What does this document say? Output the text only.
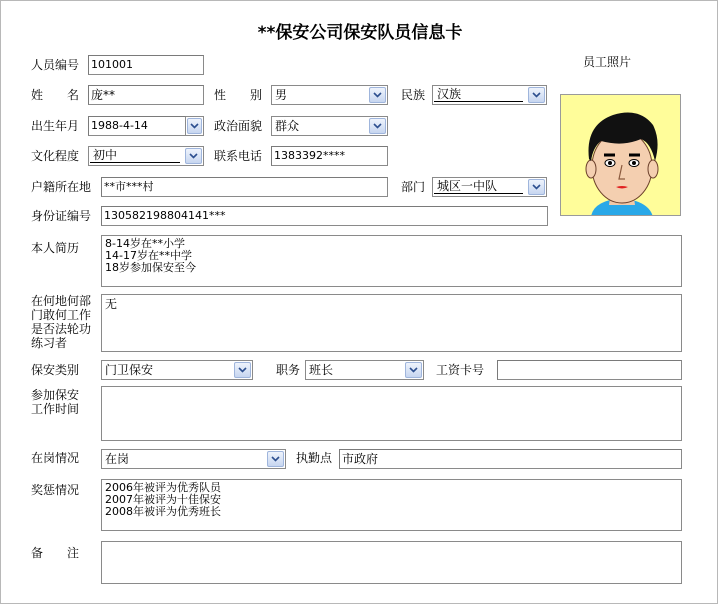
**保安公司保安队员信息卡
员工照片
人员编号 101001
姓　　名 庞**	性　　别 男	民族 汉族
出生年月 1988-4-14	政治面貌 群众
文化程度 初中	联系电话 1383392****
户籍所在地 **市***村	部门 城区一中队
身份证编号 130582198804141***
本人简历 8-14岁在**小学
14-17岁在**中学
18岁参加保安至今
在何地何部
门敢何工作
是否法轮功
练习者
无
保安类别 门卫保安	职务 班长	工资卡号
参加保安
工作时间
在岗情况 在岗	执勤点 市政府
奖惩情况 2006年被评为优秀队员
2007年被评为十佳保安
2008年被评为优秀班长
备　　注
